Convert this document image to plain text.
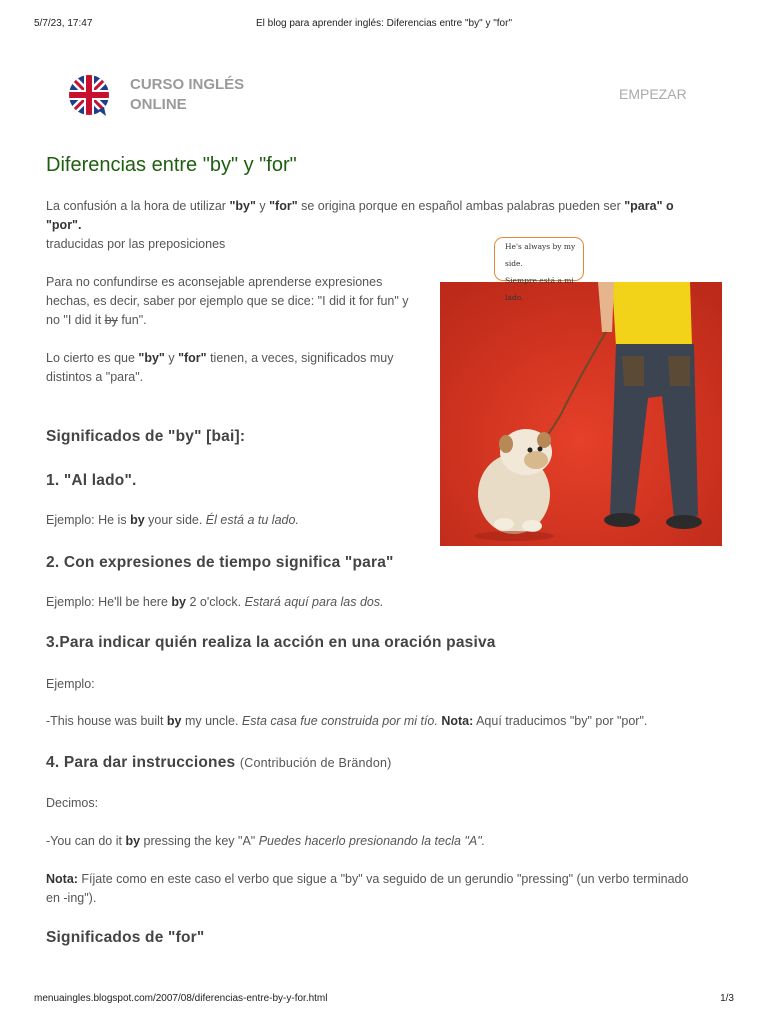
5/7/23, 17:47	El blog para aprender inglés: Diferencias entre "by" y "for"
CURSO INGLÉS
ONLINE
EMPEZAR
Diferencias entre "by" y "for"

La confusión a la hora de utilizar "by" y "for" se origina porque en español ambas palabras pueden ser "para" o
"por".
traducidas por las preposiciones

Para no confundirse es aconsejable aprenderse expresiones
hechas, es decir, saber por ejemplo que se dice: "I did it for fun" y
no "I did it by fun".

Lo cierto es que "by" y "for" tienen, a veces, significados muy
distintos a "para".

He's always by my side.
Siempre está a mi lado.
Significados de "by" [bai]:
1. "Al lado".

Ejemplo: He is by your side. Él está a tu lado.

2. Con expresiones de tiempo significa "para"

Ejemplo: He'll be here by 2 o'clock. Estará aquí para las dos.

3.Para indicar quién realiza la acción en una oración pasiva

Ejemplo:

-This house was built by my uncle. Esta casa fue construida por mi tío. Nota: Aquí traducimos "by" por "por".

4. Para dar instrucciones (Contribución de Brändon)

Decimos:

-You can do it by pressing the key "A" Puedes hacerlo presionando la tecla "A".

Nota: Fíjate como en este caso el verbo que sigue a "by" va seguido de un gerundio "pressing" (un verbo terminado
en -ing").

Significados de "for"
menuaingles.blogspot.com/2007/08/diferencias-entre-by-y-for.html	1/3
